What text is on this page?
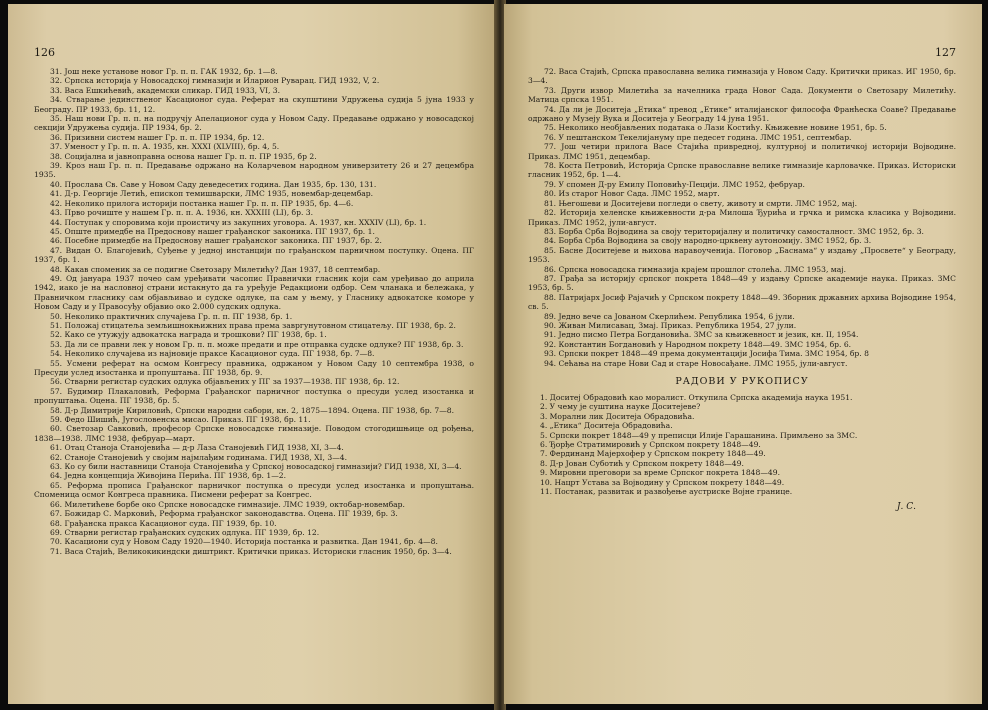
126
31. Још неке установе новог Гр. п. п. ГАК 1932, бр. 1—8.
32. Српска историја у Новосадској гимназији и Иларион Руварац. ГИД 1932, V, 2.
33. Васа Ешкићевић, академски сликар. ГИД 1933, VI, 3.
34. Стварање јединственог Касационог суда. Реферат на скупштини Удружења судија 5 јуна 1933 у Београду. ПР 1933, бр. 11, 12.
35. Наш нови Гр. п. п. на подручју Апелационог суда у Новом Саду. Предавање одржано у новосадској секцији Удружења судија. ПР 1934, бр. 2.
36. Призивни систем нашег Гр. п. п. ПР 1934, бр. 12.
37. Уменост у Гр. п. п. А. 1935, кн. XXXI (XLVIII), бр. 4, 5.
38. Социјална и јавноправна основа нашег Гр. п. п. ПР 1935, бр 2.
39. Кроз наш Гр. п. п. Предавање одржано на Коларчевом народном универзитету 26 и 27 децембра 1935.
40. Прослава Св. Саве у Новом Саду деведесетих година. Дан 1935, бр. 130, 131.
41. Д-р. Георгије Летић, епископ темишварски, ЛМС 1935, новембар-децембар.
42. Неколико прилога историји постанка нашег Гр. п. п. ПР 1935, бр. 4—6.
43. Прво рочиште у нашем Гр. п. п. А. 1936, кн. XXXIII (LI), бр. 3.
44. Поступак у споровима који проистичу из закупних уговора. А. 1937, кн. XXXIV (LI), бр. 1.
45. Опште примедбе на Предоснову нашег грађанског законика. ПГ 1937, бр. 1.
46. Посебне примедбе на Предоснову нашег грађанског законика. ПГ 1937, бр. 2.
47. Видан О. Благојевић, Суђење у једној инстанцији по грађанском парничном поступку. Оцена. ПГ 1937, бр. 1.
48. Какав споменик за се подигне Светозару Милетићу? Дан 1937, 18 септембар.
49. Од јануара 1937 почео сам уређивати часопис Правнички гласник који сам уређивао до априла 1942, иако је на насловној страни истакнуто да га уређује Редакциони одбор. Сем чланака и бележака, у Правничком гласнику сам објављивао и судске одлуке, па сам у њему, у Гласнику адвокатске коморе у Новом Саду и у Правосуђу објавио око 2.000 судских одлука.
50. Неколико практичних случајева Гр. п. п. ПГ 1938, бр. 1.
51. Положај стицатеља земљишнокњижних права према завргунутовном стицатељу. ПГ 1938, бр. 2.
52. Како се утужују адвокатска награда и трошкови? ПГ 1938, бр. 1.
53. Да ли се правни лек у новом Гр. п. п. може предати и пре отправка судске одлуке? ПГ 1938, бр. 3.
54. Неколико случајева из најновије праксе Касационог суда. ПГ 1938, бр. 7—8.
55. Усмени реферат на осмом Конгресу правника, одржаном у Новом Саду 10 септембра 1938, о Пресуди услед изостанка и пропуштања. ПГ 1938, бр. 9.
56. Стварни регистар судских одлука објављених у ПГ за 1937—1938. ПГ 1938, бр. 12.
57. Будимир Плакаловић, Реформа Грађанског парничног поступка о пресуди услед изостанка и пропуштања. Оцена. ПГ 1938, бр. 5.
58. Д-р Димитрије Кириловић, Српски народни сабори, кн. 2, 1875—1894. Оцена. ПГ 1938, бр. 7—8.
59. Федо Шишић, Југословенска мисао. Приказ. ПГ 1938, бр. 11.
60. Светозар Савковић, професор Српске новосадске гимназије. Поводом стогодишњице од рођења, 1838—1938. ЛМС 1938, фебруар—март.
61. Отац Станоја Станојевића — д-р Лаза Станојевић ГИД 1938, XI, 3—4.
62. Станоје Станојевић у својим најмлађим годинама. ГИД 1938, XI, 3—4.
63. Ко су били наставници Станоја Станојевића у Српској новосадској гимназији? ГИД 1938, XI, 3—4.
64. Једна концепција Живојина Перића. ПГ 1938, бр. 1—2.
65. Реформа прописа Грађанског парничког поступка о пресуди услед изостанка и пропуштања. Споменица осмог Конгреса правника. Писмени реферат за Конгрес.
66. Милетићеве борбе око Српске новосадске гимназије. ЛМС 1939, октобар-новембар.
67. Божидар С. Марковић, Реформа грађанског законодавства. Оцена. ПГ 1939, бр. 3.
68. Грађанска пракса Касационог суда. ПГ 1939, бр. 10.
69. Стварни регистар грађанских судских одлука. ПГ 1939, бр. 12.
70. Касациони суд у Новом Саду 1920—1940. Историја постанка и развитка. Дан 1941, бр. 4—8.
71. Васа Стајић, Великокикиндски диштрикт. Критички приказ. Историски гласник 1950, бр. 3—4.
127
72. Васа Стајић, Српска православна велика гимназија у Новом Саду. Критички приказ. ИГ 1950, бр. 3—4.
73. Други извор Милетића за начелника града Новог Сада. Документи о Светозару Милетићу. Матица српска 1951.
74. Да ли је Доситеја „Етика“ превод „Етике“ италијанског философа Франћеска Соаве? Предавање одржано у Музеју Вука и Доситеја у Београду 14 јуна 1951.
75. Неколико необјављених података о Лази Костићу. Књижевне новине 1951, бр. 5.
76. У пештанском Текелијануму пре педесет година. ЛМС 1951, септембар.
77. Још четири прилога Васе Стајића привредној, културној и политичкој историји Војводине. Приказ. ЛМС 1951, децембар.
78. Коста Петровић, Историја Српске православне велике гимназије карловачке. Приказ. Историски гласник 1952, бр. 1—4.
79. У спомен Д-ру Емилу Поповићу-Пецији. ЛМС 1952, фебруар.
80. Из старог Новог Сада. ЛМС 1952, март.
81. Његошеви и Доситејеви погледи о свету, животу и смрти. ЛМС 1952, мај.
82. Историја хеленске књижевности д-ра Милоша Ђурића и грчка и римска класика у Војводини. Приказ. ЛМС 1952, јули-август.
83. Борба Срба Војводина за своју територијалну и политичку самосталност. ЗМС 1952, бр. 3.
84. Борба Срба Војводина за своју народно-црквену аутономију. ЗМС 1952, бр. 3.
85. Басне Доситејеве и њихова наравоученија. Поговор „Баснама“ у издању „Просвете“ у Београду, 1953.
86. Српска новосадска гимназија крајем прошлог столећа. ЛМС 1953, мај.
87. Грађа за историју српског покрета 1848—49 у издању Српске академије наука. Приказ. ЗМС 1953, бр. 5.
88. Патријарх Јосиф Рајачић у Српском покрету 1848—49. Зборник државних архива Војводине 1954, св. 5.
89. Једно вече са Јованом Скерлићем. Република 1954, 6 јули.
90. Живан Милисавац, Змај. Приказ. Република 1954, 27 јули.
91. Једно писмо Петра Богдановића. ЗМС за књижевност и језик, кн. II, 1954.
92. Константин Богдановић у Народном покрету 1848—49. ЗМС 1954, бр. 6.
93. Српски покрет 1848—49 према документацији Јосифа Тима. ЗМС 1954, бр. 8
94. Сећања на старе Нови Сад и старе Новосађане. ЛМС 1955, јули-август.
РАДОВИ У РУКОПИСУ
1. Доситеј Обрадовић као моралист. Откупила Српска академија наука 1951.
2. У чему је суштина науке Доситејеве?
3. Морални лик Доситеја Обрадовића.
4. „Етика“ Доситеја Обрадовића.
5. Српски покрет 1848—49 у преписци Илије Гарашанина. Примљено за ЗМС.
6. Ђорђе Стратимировић у Српском покрету 1848—49.
7. Фердинанд Мајерхофер у Српском покрету 1848—49.
8. Д-р Јован Суботић у Српском покрету 1848—49.
9. Мировни преговори за време Српског покрета 1848—49.
10. Нацрт Устава за Војводину у Српском покрету 1848—49.
11. Постанак, развитак и развођење аустриске Војне границе.
Ј. С.
